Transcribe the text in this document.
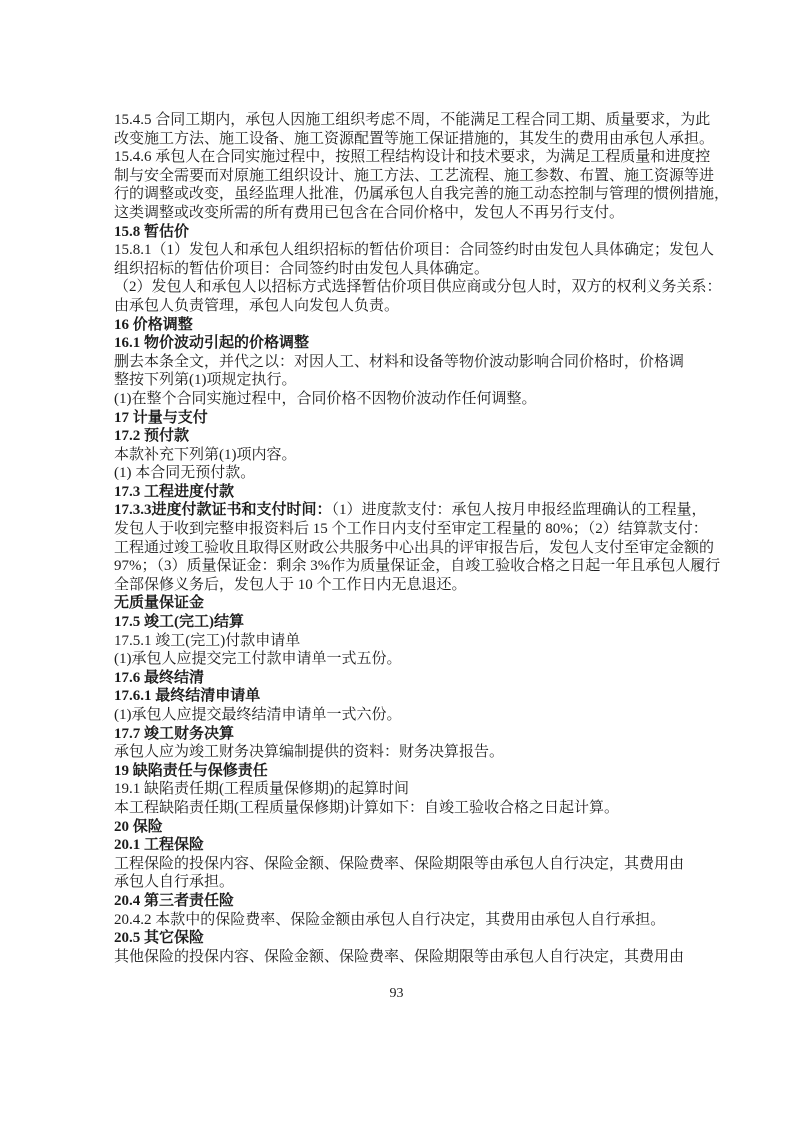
15.4.5 合同工期内，承包人因施工组织考虑不周，不能满足工程合同工期、质量要求，为此
改变施工方法、施工设备、施工资源配置等施工保证措施的，其发生的费用由承包人承担。
15.4.6 承包人在合同实施过程中，按照工程结构设计和技术要求，为满足工程质量和进度控
制与安全需要而对原施工组织设计、施工方法、工艺流程、施工参数、布置、施工资源等进
行的调整或改变，虽经监理人批准，仍属承包人自我完善的施工动态控制与管理的惯例措施，
这类调整或改变所需的所有费用已包含在合同价格中，发包人不再另行支付。
15.8 暂估价
15.8.1（1）发包人和承包人组织招标的暂估价项目：合同签约时由发包人具体确定；发包人
组织招标的暂估价项目：合同签约时由发包人具体确定。
（2）发包人和承包人以招标方式选择暂估价项目供应商或分包人时，双方的权利义务关系：
由承包人负责管理，承包人向发包人负责。
16 价格调整
16.1 物价波动引起的价格调整
删去本条全文，并代之以：对因人工、材料和设备等物价波动影响合同价格时，价格调
整按下列第(1)项规定执行。
(1)在整个合同实施过程中，合同价格不因物价波动作任何调整。
17 计量与支付
17.2 预付款
本款补充下列第(1)项内容。
(1) 本合同无预付款。
17.3 工程进度付款
17.3.3进度付款证书和支付时间：（1）进度款支付：承包人按月申报经监理确认的工程量，
发包人于收到完整申报资料后 15 个工作日内支付至审定工程量的 80%；（2）结算款支付：
工程通过竣工验收且取得区财政公共服务中心出具的评审报告后，发包人支付至审定金额的
97%；（3）质量保证金：剩余 3%作为质量保证金，自竣工验收合格之日起一年且承包人履行
全部保修义务后，发包人于 10 个工作日内无息退还。
无质量保证金
17.5 竣工(完工)结算
17.5.1 竣工(完工)付款申请单
(1)承包人应提交完工付款申请单一式五份。
17.6 最终结清
17.6.1 最终结清申请单
(1)承包人应提交最终结清申请单一式六份。
17.7 竣工财务决算
承包人应为竣工财务决算编制提供的资料：财务决算报告。
19 缺陷责任与保修责任
19.1 缺陷责任期(工程质量保修期)的起算时间
本工程缺陷责任期(工程质量保修期)计算如下：自竣工验收合格之日起计算。
20 保险
20.1 工程保险
工程保险的投保内容、保险金额、保险费率、保险期限等由承包人自行决定，其费用由
承包人自行承担。
20.4 第三者责任险
20.4.2 本款中的保险费率、保险金额由承包人自行决定，其费用由承包人自行承担。
20.5 其它保险
其他保险的投保内容、保险金额、保险费率、保险期限等由承包人自行决定，其费用由
93
